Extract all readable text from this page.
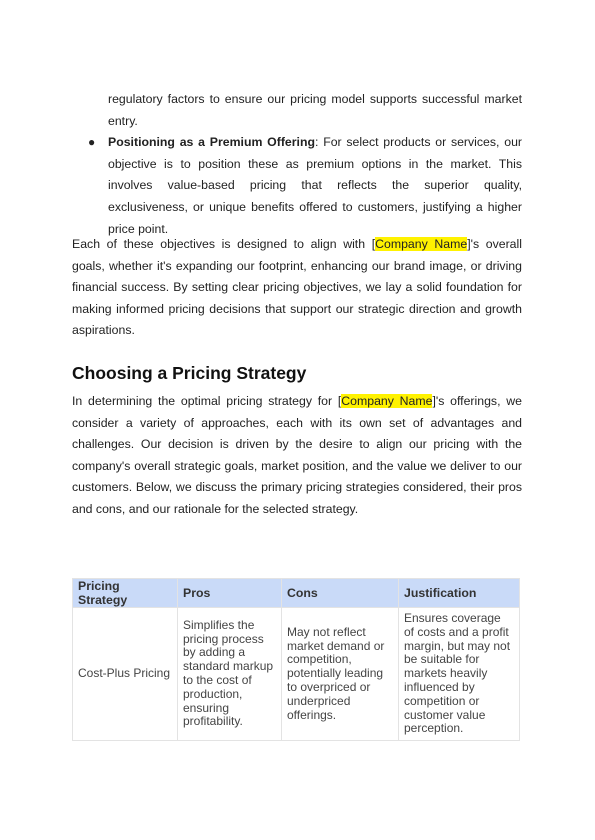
regulatory factors to ensure our pricing model supports successful market entry.

● Positioning as a Premium Offering: For select products or services, our objective is to position these as premium options in the market. This involves value-based pricing that reflects the superior quality, exclusiveness, or unique benefits offered to customers, justifying a higher price point.

Each of these objectives is designed to align with [Company Name]'s overall goals, whether it's expanding our footprint, enhancing our brand image, or driving financial success. By setting clear pricing objectives, we lay a solid foundation for making informed pricing decisions that support our strategic direction and growth aspirations.

Choosing a Pricing Strategy

In determining the optimal pricing strategy for [Company Name]'s offerings, we consider a variety of approaches, each with its own set of advantages and challenges. Our decision is driven by the desire to align our pricing with the company's overall strategic goals, market position, and the value we deliver to our customers. Below, we discuss the primary pricing strategies considered, their pros and cons, and our rationale for the selected strategy.

Pricing Strategy	Pros	Cons	Justification
Cost-Plus Pricing	Simplifies the pricing process by adding a standard markup to the cost of production, ensuring profitability.	May not reflect market demand or competition, potentially leading to overpriced or underpriced offerings.	Ensures coverage of costs and a profit margin, but may not be suitable for markets heavily influenced by competition or customer value perception.
